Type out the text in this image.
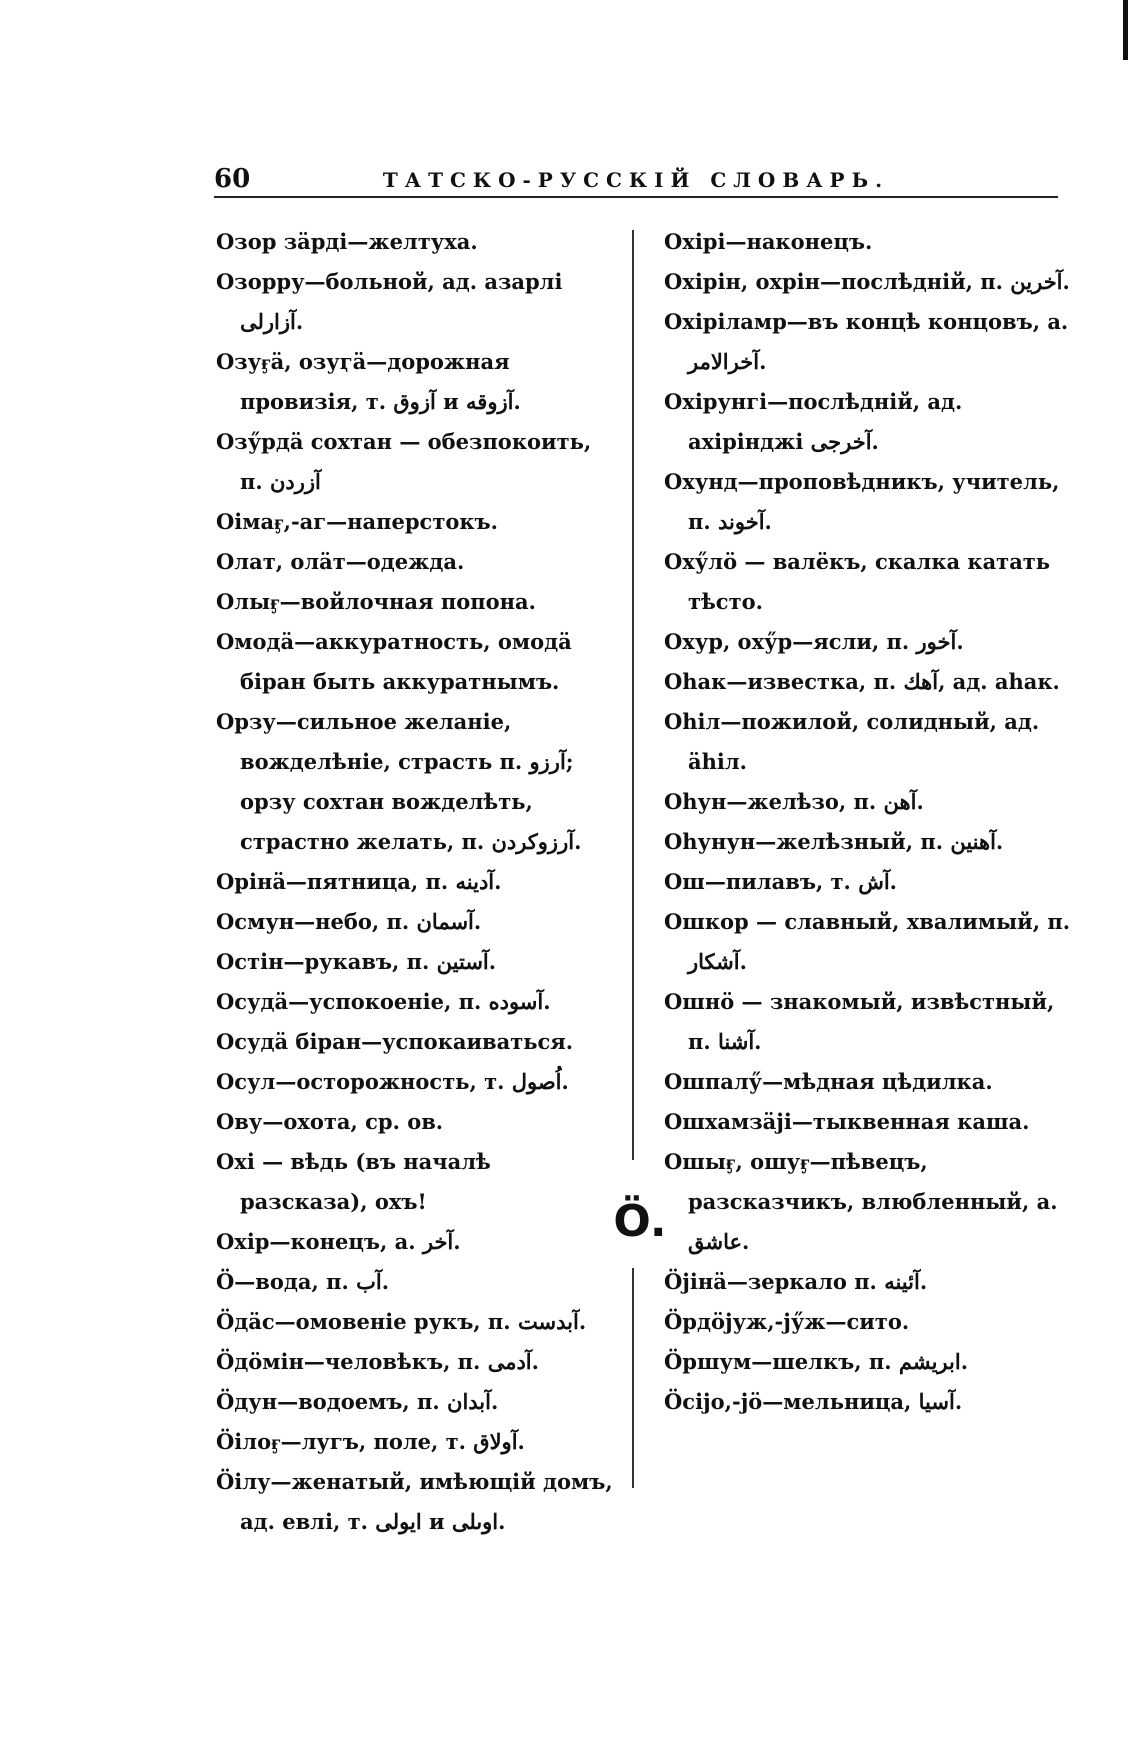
60	ТАТСКО-РУССКІЙ СЛОВАРЬ.

Озор зӓрдi—желтуха.

Озорру—больной, ад. азарлі آزارلى.

Озуӻӓ, озуӷӓ—дорожная провизія, т. آزوق и آزوقه.

Озӳрдӓ сохтан — обезпокоить, п. آزردن

Оімаӻ,-аг—наперстокъ.

Олат, олӓт—одежда.

Олыӻ—войлочная попона.

Омодӓ—аккуратность, омодӓ біран быть аккуратнымъ.

Орзу—сильное желаніе, вожделѣніе, страсть п. آرزو; орзу сохтан вожделѣть, страстно желать, п. آرزوكردن.

Орінӓ—пятница, п. آدينه.

Осмун—небо, п. آسمان.

Остін—рукавъ, п. آستين.

Осудӓ—успокоеніе, п. آسوده.

Осудӓ біран—успокаиваться.

Осул—осторожность, т. اُصول.

Ову—охота, ср. ов.

Охі — вѣдь (въ началѣ разсказа), охъ!

Охір—конецъ, а. آخر.

Охірі—наконецъ.

Охірін, охрін—послѣдній, п. آخرين.

Охіріламр—въ концѣ концовъ, а. آخرالامر.

Охірунгі—послѣдній, ад. ахірінджі آخرجى.

Охунд—проповѣдникъ, учитель, п. آخوند.

Охӳлӧ — валёкъ, скалка катать тѣсто.

Охур, охӳр—ясли, п. آخور.

Оhак—известка, п. آهك, ад. аhак.

Оhіл—пожилой, солидный, ад. ӓhіл.

Оhун—желѣзо, п. آهن.

Оhунун—желѣзный, п. آهنين.

Ош—пилавъ, т. آش.

Ошкор — славный, хвалимый, п. آشكار.

Ошнӧ — знакомый, извѣстный, п. آشنا.

Ошпалӳ—мѣдная цѣдилка.

Ошхамзӓjі—тыквенная каша.

Ошыӻ, ошуӻ—пѣвецъ, разсказчикъ, влюбленный, а. عاشق.

Ö.

Ö—вода, п. آب.

Öдӓс—омовеніе рукъ, п. آبدست.

Öдӧмін—человѣкъ, п. آدمى.

Öдун—водоемъ, п. آبدان.

Öілоӻ—лугъ, поле, т. آولاق.

Öілу—женатый, имѣющій домъ, ад. евлі, т. ايولى и اوىلى.

Öjінӓ—зеркало п. آئينه.

Öрдӧjуж,-jӳж—сито.

Öршум—шелкъ, п. ابريشم.

Öсіjо,-jӧ—мельница, آسيا.
